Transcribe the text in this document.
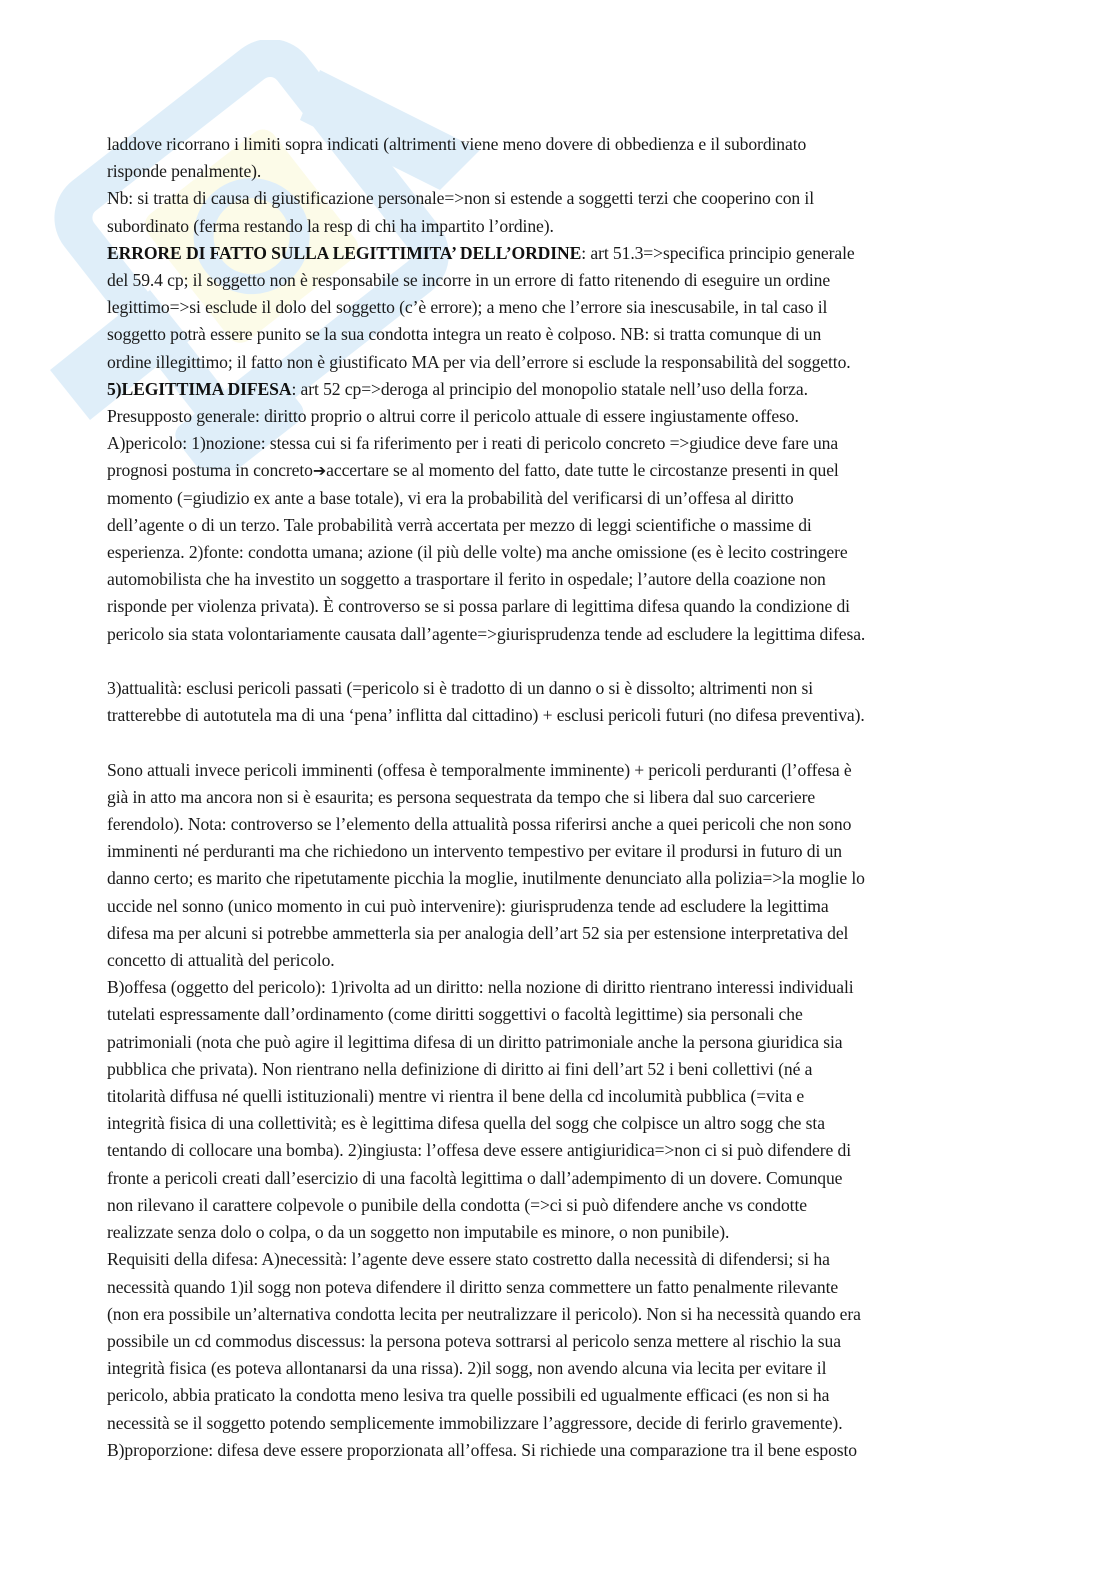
laddove ricorrano i limiti sopra indicati (altrimenti viene meno dovere di obbedienza e il subordinato
risponde penalmente).
Nb: si tratta di causa di giustificazione personale=>non si estende a soggetti terzi che cooperino con il
subordinato (ferma restando la resp di chi ha impartito l’ordine).
ERRORE DI FATTO SULLA LEGITTIMITA’ DELL’ORDINE: art 51.3=>specifica principio generale
del 59.4 cp; il soggetto non è responsabile se incorre in un errore di fatto ritenendo di eseguire un ordine
legittimo=>si esclude il dolo del soggetto (c’è errore); a meno che l’errore sia inescusabile, in tal caso il
soggetto potrà essere punito se la sua condotta integra un reato è colposo. NB: si tratta comunque di un
ordine illegittimo; il fatto non è giustificato MA per via dell’errore si esclude la responsabilità del soggetto.
5)LEGITTIMA DIFESA: art 52 cp=>deroga al principio del monopolio statale nell’uso della forza.
Presupposto generale: diritto proprio o altrui corre il pericolo attuale di essere ingiustamente offeso.
A)pericolo: 1)nozione: stessa cui si fa riferimento per i reati di pericolo concreto =>giudice deve fare una
prognosi postuma in concreto➔accertare se al momento del fatto, date tutte le circostanze presenti in quel
momento (=giudizio ex ante a base totale), vi era la probabilità del verificarsi di un’offesa al diritto
dell’agente o di un terzo. Tale probabilità verrà accertata per mezzo di leggi scientifiche o massime di
esperienza. 2)fonte: condotta umana; azione (il più delle volte) ma anche omissione (es è lecito costringere
automobilista che ha investito un soggetto a trasportare il ferito in ospedale; l’autore della coazione non
risponde per violenza privata). È controverso se si possa parlare di legittima difesa quando la condizione di
pericolo sia stata volontariamente causata dall’agente=>giurisprudenza tende ad escludere la legittima difesa.
3)attualità: esclusi pericoli passati (=pericolo si è tradotto di un danno o si è dissolto; altrimenti non si
tratterebbe di autotutela ma di una ‘pena’ inflitta dal cittadino) + esclusi pericoli futuri (no difesa preventiva).
Sono attuali invece pericoli imminenti (offesa è temporalmente imminente) + pericoli perduranti (l’offesa è
già in atto ma ancora non si è esaurita; es persona sequestrata da tempo che si libera dal suo carceriere
ferendolo). Nota: controverso se l’elemento della attualità possa riferirsi anche a quei pericoli che non sono
imminenti né perduranti ma che richiedono un intervento tempestivo per evitare il prodursi in futuro di un
danno certo; es marito che ripetutamente picchia la moglie, inutilmente denunciato alla polizia=>la moglie lo
uccide nel sonno (unico momento in cui può intervenire): giurisprudenza tende ad escludere la legittima
difesa ma per alcuni si potrebbe ammetterla sia per analogia dell’art 52 sia per estensione interpretativa del
concetto di attualità del pericolo.
B)offesa (oggetto del pericolo): 1)rivolta ad un diritto: nella nozione di diritto rientrano interessi individuali
tutelati espressamente dall’ordinamento (come diritti soggettivi o facoltà legittime) sia personali che
patrimoniali (nota che può agire il legittima difesa di un diritto patrimoniale anche la persona giuridica sia
pubblica che privata). Non rientrano nella definizione di diritto ai fini dell’art 52 i beni collettivi (né a
titolarità diffusa né quelli istituzionali) mentre vi rientra il bene della cd incolumità pubblica (=vita e
integrità fisica di una collettività; es è legittima difesa quella del sogg che colpisce un altro sogg che sta
tentando di collocare una bomba). 2)ingiusta: l’offesa deve essere antigiuridica=>non ci si può difendere di
fronte a pericoli creati dall’esercizio di una facoltà legittima o dall’adempimento di un dovere. Comunque
non rilevano il carattere colpevole o punibile della condotta (=>ci si può difendere anche vs condotte
realizzate senza dolo o colpa, o da un soggetto non imputabile es minore, o non punibile).
Requisiti della difesa: A)necessità: l’agente deve essere stato costretto dalla necessità di difendersi; si ha
necessità quando 1)il sogg non poteva difendere il diritto senza commettere un fatto penalmente rilevante
(non era possibile un’alternativa condotta lecita per neutralizzare il pericolo). Non si ha necessità quando era
possibile un cd commodus discessus: la persona poteva sottrarsi al pericolo senza mettere al rischio la sua
integrità fisica (es poteva allontanarsi da una rissa). 2)il sogg, non avendo alcuna via lecita per evitare il
pericolo, abbia praticato la condotta meno lesiva tra quelle possibili ed ugualmente efficaci (es non si ha
necessità se il soggetto potendo semplicemente immobilizzare l’aggressore, decide di ferirlo gravemente).
B)proporzione: difesa deve essere proporzionata all’offesa. Si richiede una comparazione tra il bene esposto
